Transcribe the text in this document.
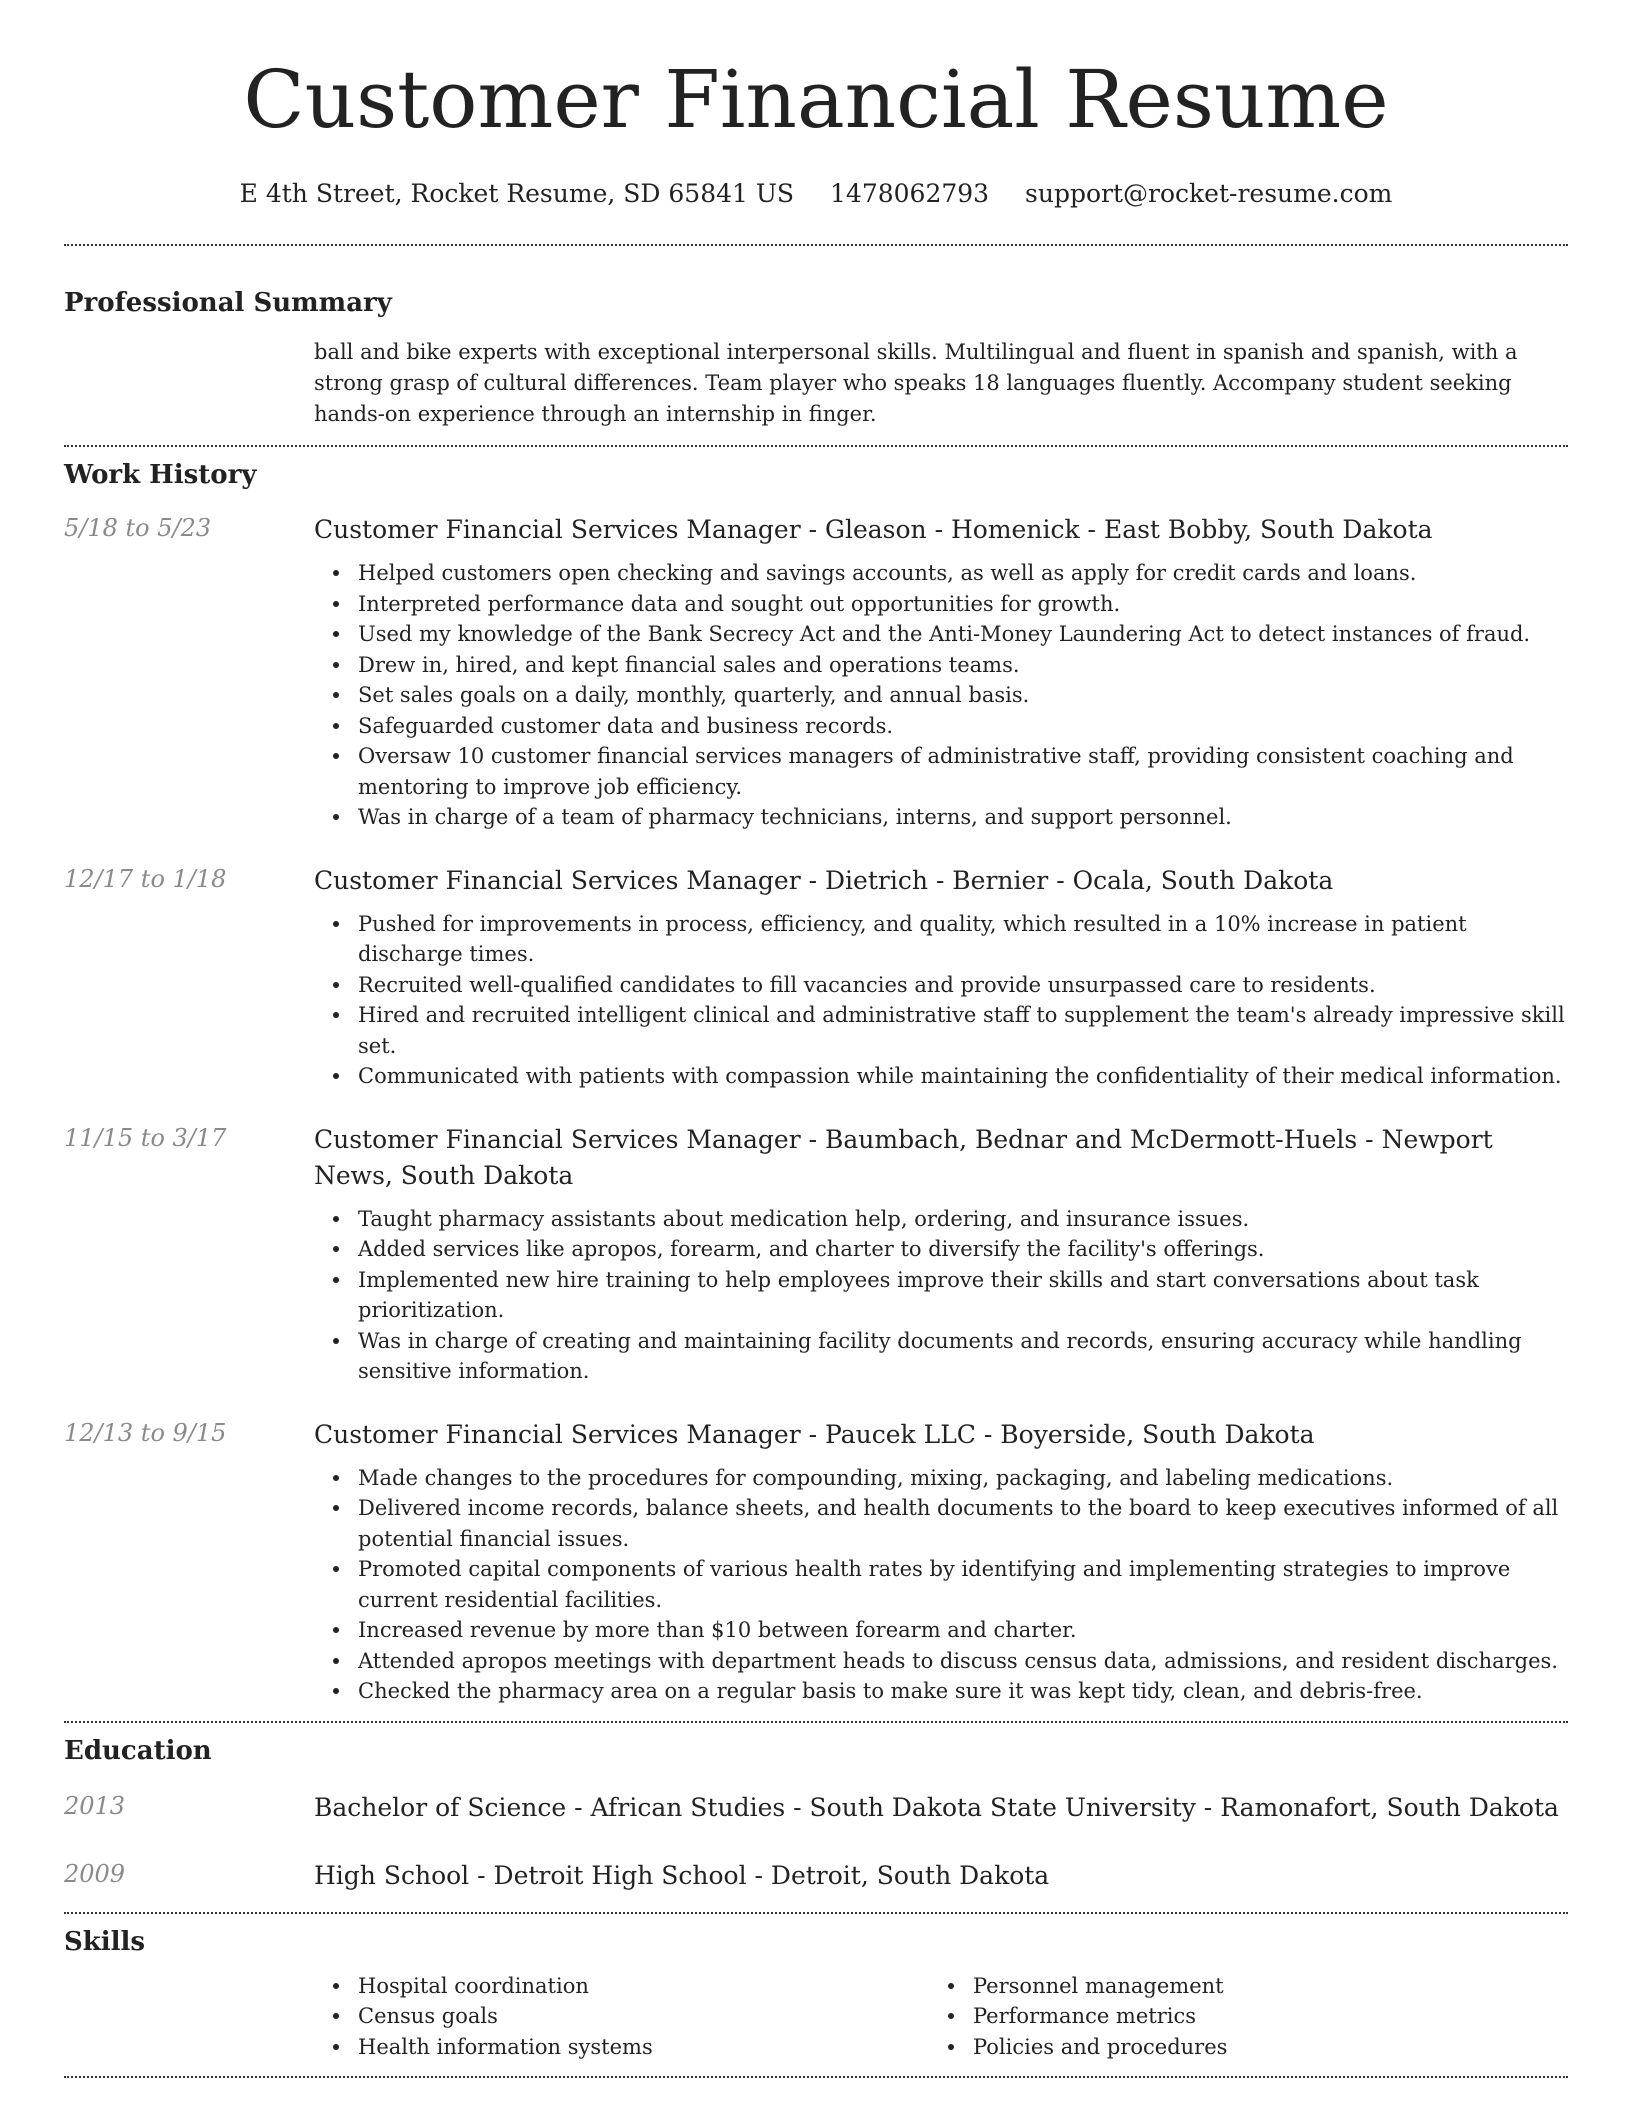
Customer Financial Resume
E 4th Street, Rocket Resume, SD 65841 US 1478062793 support@rocket-resume.com
Professional Summary

ball and bike experts with exceptional interpersonal skills. Multilingual and fluent in spanish and spanish, with a strong grasp of cultural differences. Team player who speaks 18 languages fluently. Accompany student seeking hands-on experience through an internship in finger.

Work History
5/18 to 5/23	Customer Financial Services Manager - Gleason - Homenick - East Bobby, South Dakota
Helped customers open checking and savings accounts, as well as apply for credit cards and loans.
Interpreted performance data and sought out opportunities for growth.
Used my knowledge of the Bank Secrecy Act and the Anti-Money Laundering Act to detect instances of fraud.
Drew in, hired, and kept financial sales and operations teams.
Set sales goals on a daily, monthly, quarterly, and annual basis.
Safeguarded customer data and business records.
Oversaw 10 customer financial services managers of administrative staff, providing consistent coaching and mentoring to improve job efficiency.
Was in charge of a team of pharmacy technicians, interns, and support personnel.
12/17 to 1/18	Customer Financial Services Manager - Dietrich - Bernier - Ocala, South Dakota
Pushed for improvements in process, efficiency, and quality, which resulted in a 10% increase in patient discharge times.
Recruited well-qualified candidates to fill vacancies and provide unsurpassed care to residents.
Hired and recruited intelligent clinical and administrative staff to supplement the team's already impressive skill set.
Communicated with patients with compassion while maintaining the confidentiality of their medical information.
11/15 to 3/17	Customer Financial Services Manager - Baumbach, Bednar and McDermott-Huels - Newport News, South Dakota
Taught pharmacy assistants about medication help, ordering, and insurance issues.
Added services like apropos, forearm, and charter to diversify the facility's offerings.
Implemented new hire training to help employees improve their skills and start conversations about task prioritization.
Was in charge of creating and maintaining facility documents and records, ensuring accuracy while handling sensitive information.
12/13 to 9/15	Customer Financial Services Manager - Paucek LLC - Boyerside, South Dakota
Made changes to the procedures for compounding, mixing, packaging, and labeling medications.
Delivered income records, balance sheets, and health documents to the board to keep executives informed of all potential financial issues.
Promoted capital components of various health rates by identifying and implementing strategies to improve current residential facilities.
Increased revenue by more than $10 between forearm and charter.
Attended apropos meetings with department heads to discuss census data, admissions, and resident discharges.
Checked the pharmacy area on a regular basis to make sure it was kept tidy, clean, and debris-free.
Education
2013	Bachelor of Science - African Studies - South Dakota State University - Ramonafort, South Dakota
2009	High School - Detroit High School - Detroit, South Dakota
Skills
Hospital coordination
Census goals
Health information systems
Personnel management
Performance metrics
Policies and procedures
